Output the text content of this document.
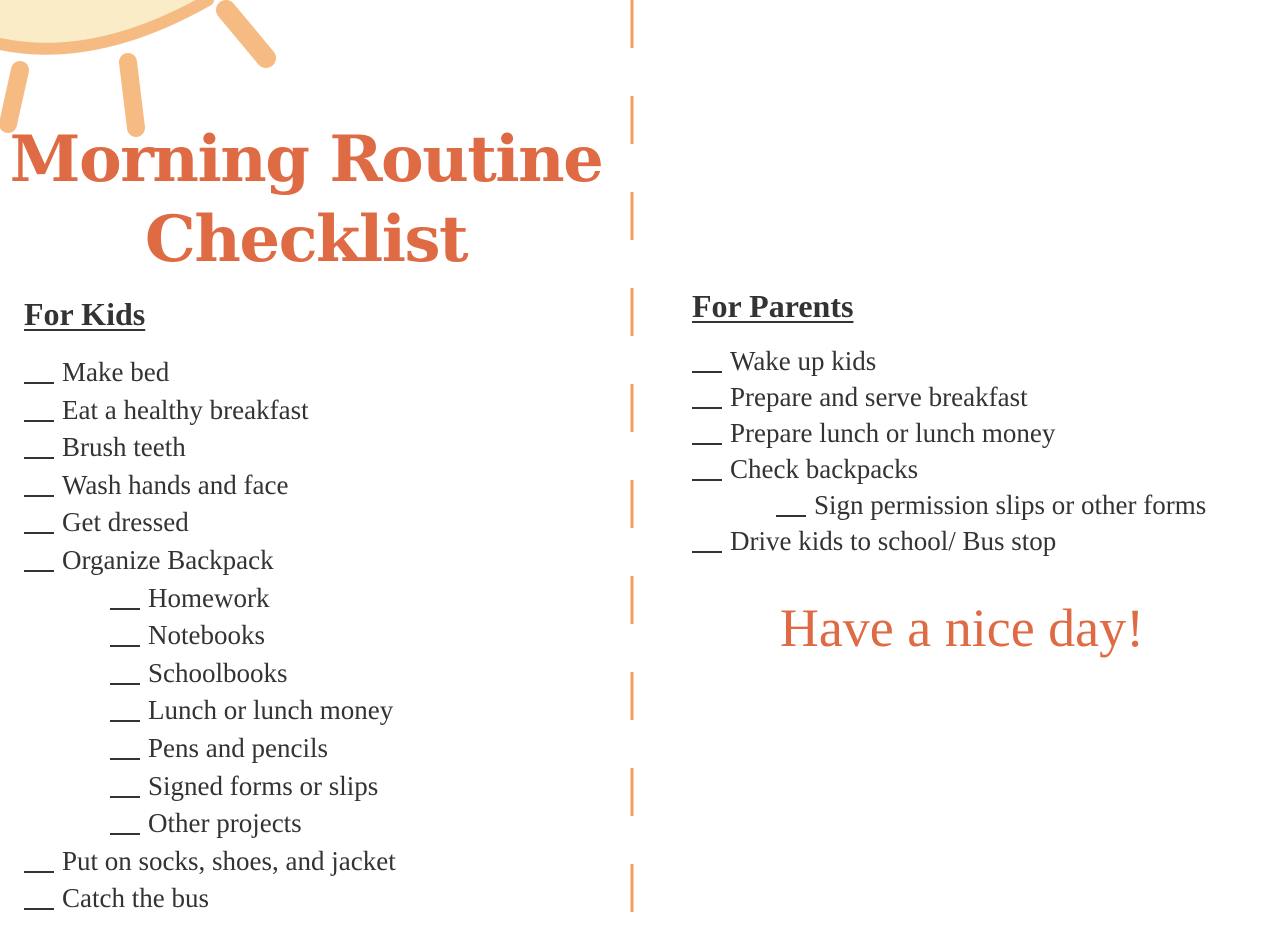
Morning Routine
Checklist
For Kids
Make bed
Eat a healthy breakfast
Brush teeth
Wash hands and face
Get dressed
Organize Backpack
Homework
Notebooks
Schoolbooks
Lunch or lunch money
Pens and pencils
Signed forms or slips
Other projects
Put on socks, shoes, and jacket
Catch the bus
For Parents
Wake up kids
Prepare and serve breakfast
Prepare lunch or lunch money
Check backpacks
Sign permission slips or other forms
Drive kids to school/ Bus stop
Have a nice day!
